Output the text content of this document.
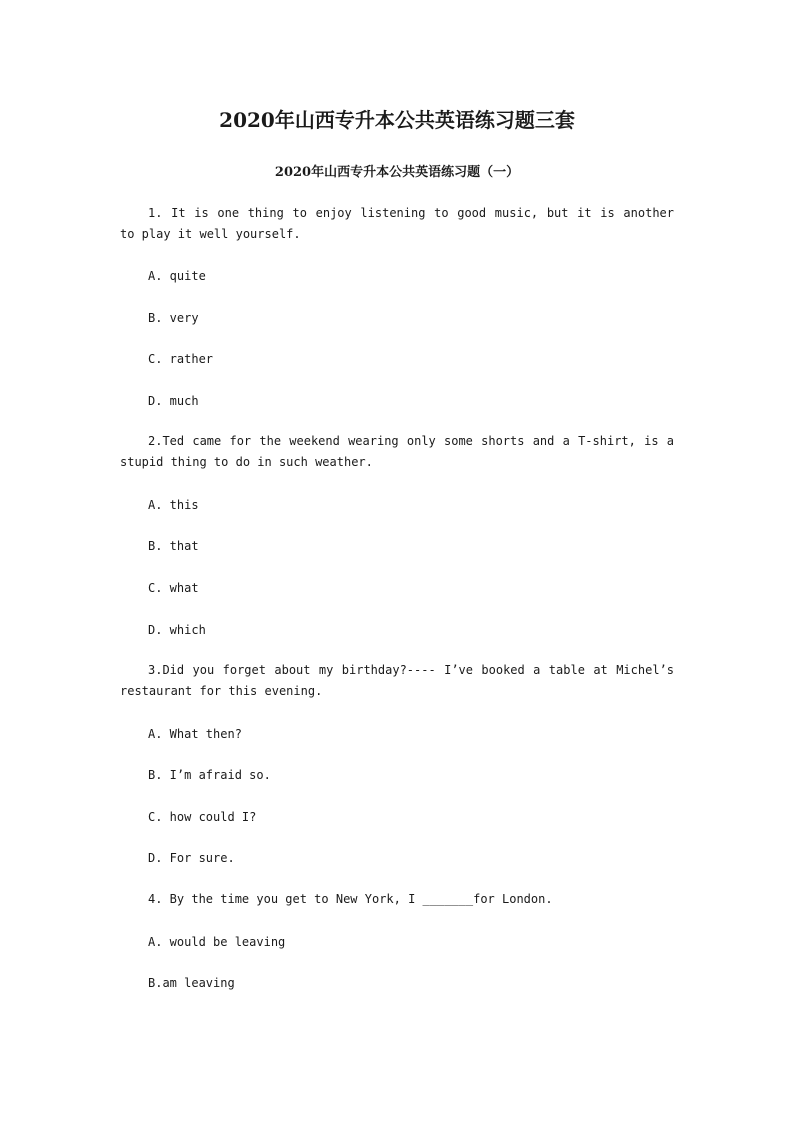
2020年山西专升本公共英语练习题三套
2020年山西专升本公共英语练习题（一）

1. It is one thing to enjoy listening to good music, but it is another to play it well yourself.

A. quite

B. very

C. rather

D. much

2.Ted came for the weekend wearing only some shorts and a T-shirt, is a stupid thing to do in such weather.

A. this

B. that

C. what

D. which

3.Did you forget about my birthday?---- I’ve booked a table at Michel’s restaurant for this evening.

A. What then?

B. I’m afraid so.

C. how could I?

D. For sure.

4. By the time you get to New York, I _______for London.

A. would be leaving

B.am leaving
